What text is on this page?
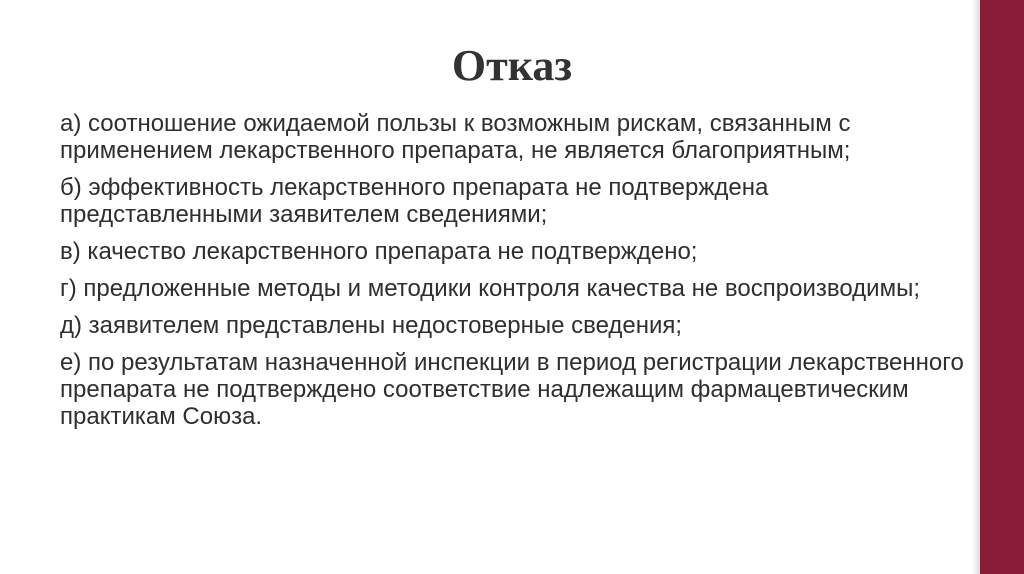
Отказ
а) соотношение ожидаемой пользы к возможным рискам, связанным с применением лекарственного препарата, не является благоприятным;
б) эффективность лекарственного препарата не подтверждена представленными заявителем сведениями;
в) качество лекарственного препарата не подтверждено;
г) предложенные методы и методики контроля качества не воспроизводимы;
д) заявителем представлены недостоверные сведения;
е) по результатам назначенной инспекции в период регистрации лекарственного препарата не подтверждено соответствие надлежащим фармацевтическим практикам Союза.
